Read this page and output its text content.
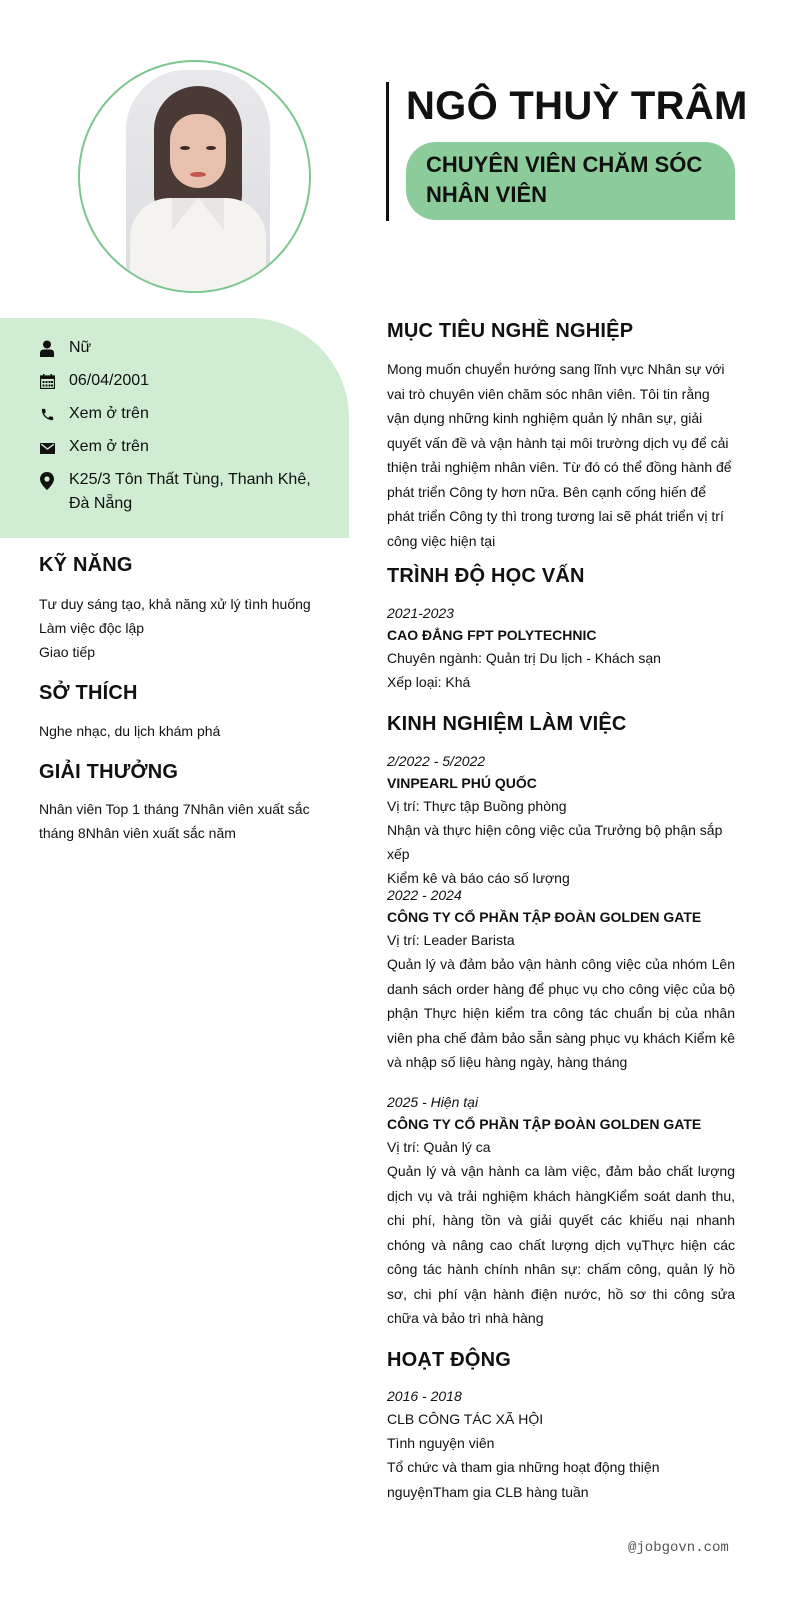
NGÔ THUỲ TRÂM
CHUYÊN VIÊN CHĂM SÓC NHÂN VIÊN
Nữ
06/04/2001
Xem ở trên
Xem ở trên
K25/3 Tôn Thất Tùng, Thanh Khê, Đà Nẵng
KỸ NĂNG
Tư duy sáng tạo, khả năng xử lý tình huống
Làm việc độc lập
Giao tiếp
SỞ THÍCH
Nghe nhạc, du lịch khám phá
GIẢI THƯỞNG
Nhân viên Top 1 tháng 7Nhân viên xuất sắc tháng 8Nhân viên xuất sắc năm
MỤC TIÊU NGHỀ NGHIỆP
Mong muốn chuyển hướng sang lĩnh vực Nhân sự với vai trò chuyên viên chăm sóc nhân viên. Tôi tin rằng vận dụng những kinh nghiệm quản lý nhân sự, giải quyết vấn đề và vận hành tại môi trường dịch vụ để cải thiện trải nghiệm nhân viên. Từ đó có thể đồng hành để phát triển Công ty hơn nữa. Bên cạnh cống hiến để phát triển Công ty thì trong tương lai sẽ phát triển vị trí công việc hiện tại
TRÌNH ĐỘ HỌC VẤN
2021-2023
CAO ĐẲNG FPT POLYTECHNIC
Chuyên ngành: Quản trị Du lịch - Khách sạn
Xếp loại: Khá
KINH NGHIỆM LÀM VIỆC
2/2022 - 5/2022
VINPEARL PHÚ QUỐC
Vị trí: Thực tập Buồng phòng
Nhận và thực hiện công việc của Trưởng bộ phận sắp xếp
Kiểm kê và báo cáo số lượng
2022 - 2024
CÔNG TY CỔ PHẦN TẬP ĐOÀN GOLDEN GATE
Vị trí: Leader Barista
Quản lý và đảm bảo vận hành công việc của nhóm Lên danh sách order hàng để phục vụ cho công việc của bộ phận Thực hiện kiểm tra công tác chuẩn bị của nhân viên pha chế đảm bảo sẵn sàng phục vụ khách Kiểm kê và nhập số liệu hàng ngày, hàng tháng
2025 - Hiện tại
CÔNG TY CỔ PHẦN TẬP ĐOÀN GOLDEN GATE
Vị trí: Quản lý ca
Quản lý và vận hành ca làm việc, đảm bảo chất lượng dịch vụ và trải nghiệm khách hàngKiểm soát danh thu, chi phí, hàng tồn và giải quyết các khiếu nại nhanh chóng và nâng cao chất lượng dịch vụThực hiện các công tác hành chính nhân sự: chấm công, quản lý hồ sơ, chi phí vận hành điện nước, hồ sơ thi công sửa chữa và bảo trì nhà hàng
HOẠT ĐỘNG
2016 - 2018
CLB CÔNG TÁC XÃ HỘI
Tình nguyện viên
Tổ chức và tham gia những hoạt động thiện nguyệnTham gia CLB hàng tuần
@jobgovn.com
